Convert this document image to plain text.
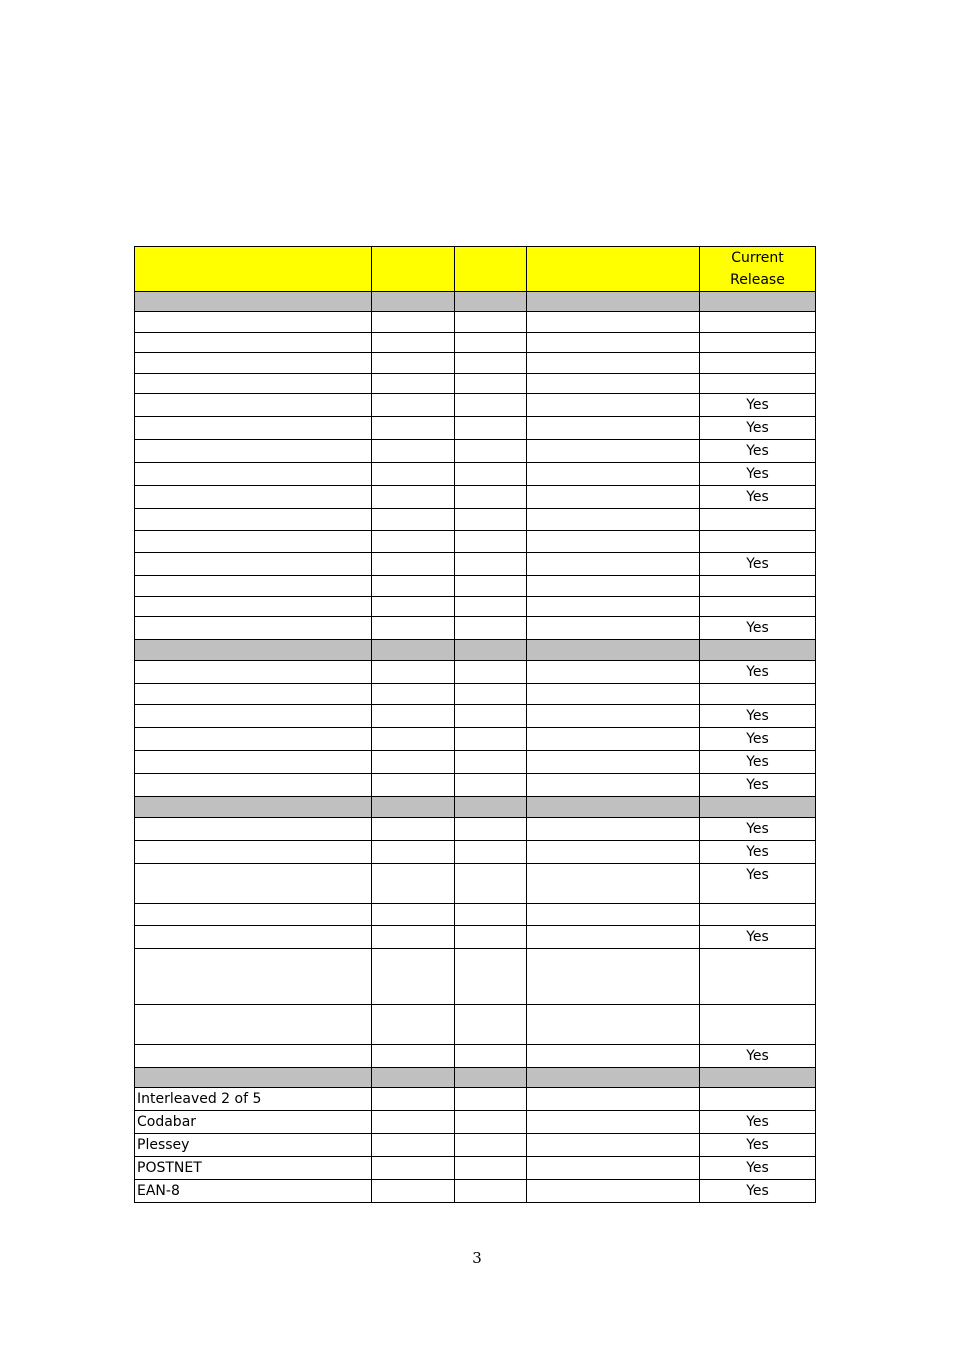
				Current Release

				Yes
				Yes
				Yes
				Yes
				Yes

				Yes

				Yes

				Yes

				Yes
				Yes
				Yes
				Yes

				Yes
				Yes
				Yes

				Yes

				Yes

Interleaved 2 of 5				
Codabar				Yes
Plessey				Yes
POSTNET				Yes
EAN-8				Yes
3
